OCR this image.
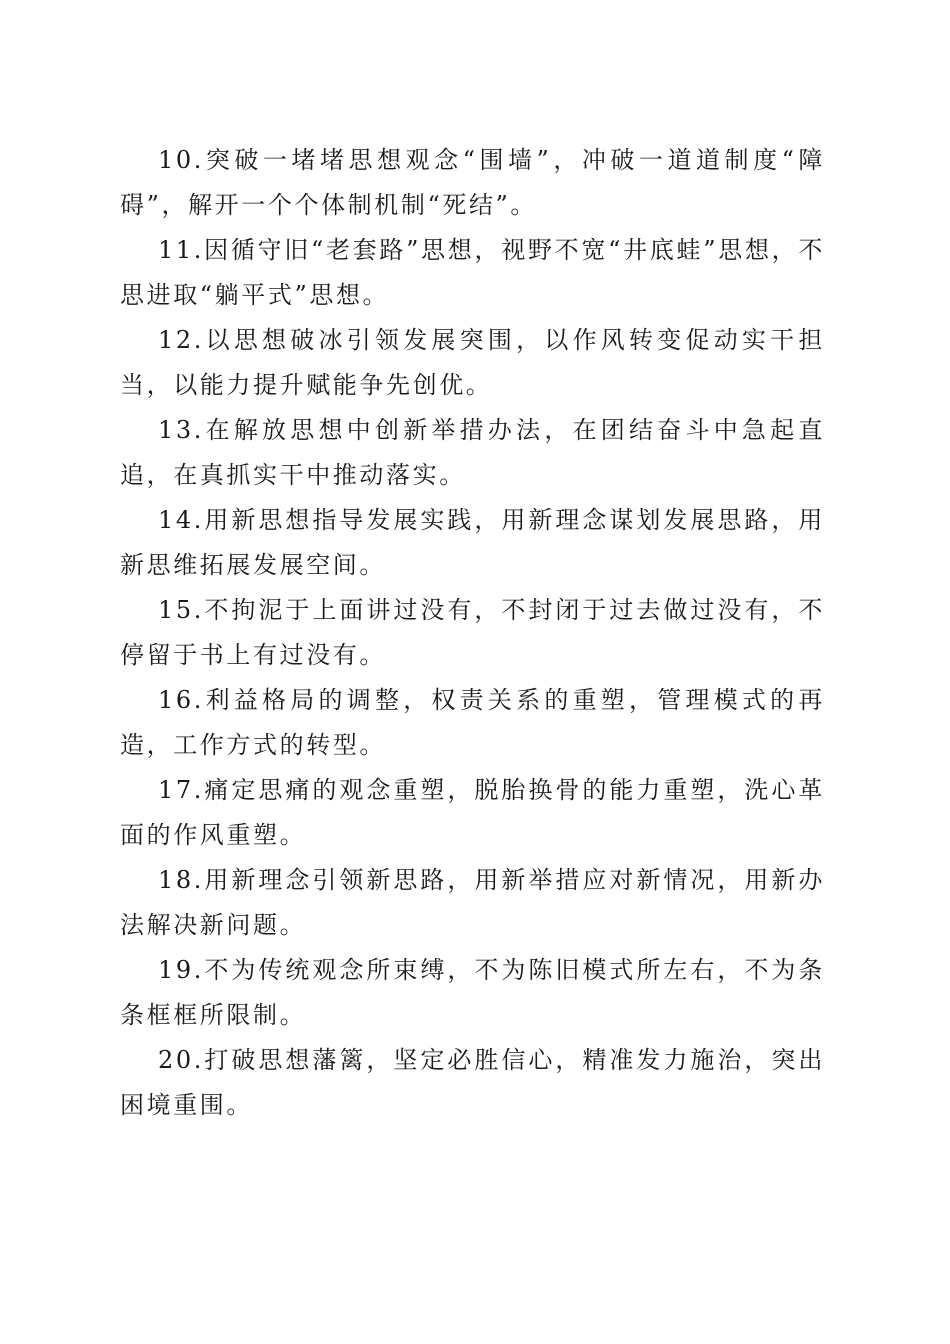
10.突破一堵堵思想观念“围墙”，冲破一道道制度“障碍”，解开一个个体制机制“死结”。

11.因循守旧“老套路”思想，视野不宽“井底蛙”思想，不思进取“躺平式”思想。

12.以思想破冰引领发展突围，以作风转变促动实干担当，以能力提升赋能争先创优。

13.在解放思想中创新举措办法，在团结奋斗中急起直追，在真抓实干中推动落实。

14.用新思想指导发展实践，用新理念谋划发展思路，用新思维拓展发展空间。

15.不拘泥于上面讲过没有，不封闭于过去做过没有，不停留于书上有过没有。

16.利益格局的调整，权责关系的重塑，管理模式的再造，工作方式的转型。

17.痛定思痛的观念重塑，脱胎换骨的能力重塑，洗心革面的作风重塑。

18.用新理念引领新思路，用新举措应对新情况，用新办法解决新问题。

19.不为传统观念所束缚，不为陈旧模式所左右，不为条条框框所限制。

20.打破思想藩篱，坚定必胜信心，精准发力施治，突出困境重围。
